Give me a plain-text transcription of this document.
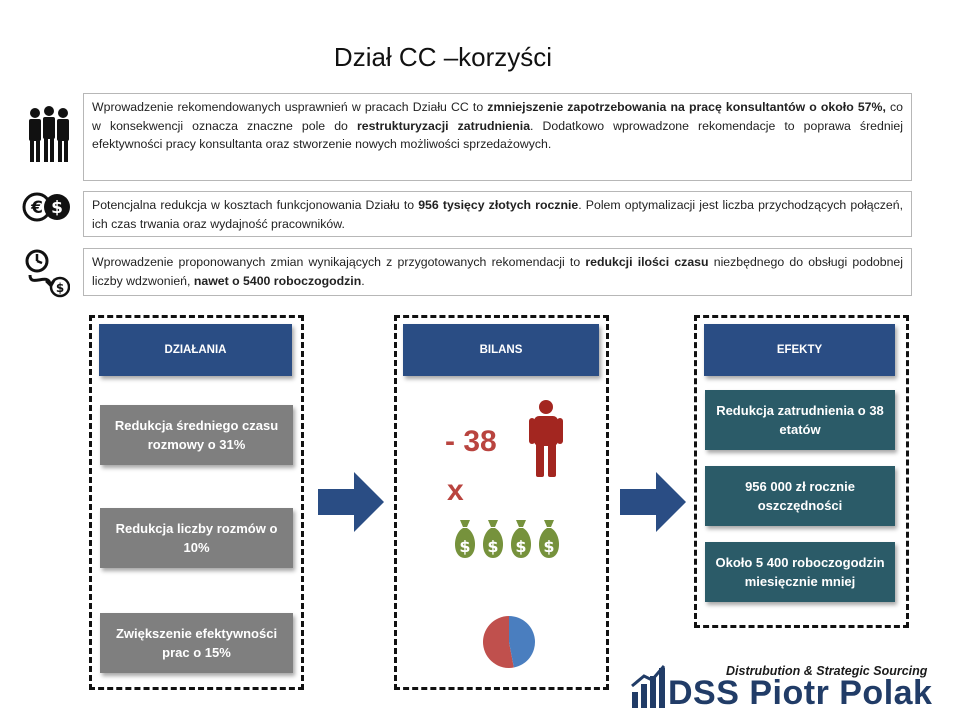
Dział CC –korzyści
Wprowadzenie rekomendowanych usprawnień w pracach Działu CC to zmniejszenie zapotrzebowania na pracę konsultantów o około 57%, co w konsekwencji oznacza znaczne pole do restrukturyzacji zatrudnienia. Dodatkowo wprowadzone rekomendacje to poprawa średniej efektywności pracy konsultanta oraz stworzenie nowych możliwości sprzedażowych.
€ $	Potencjalna redukcja w kosztach funkcjonowania Działu to 956 tysięcy złotych rocznie. Polem optymalizacji jest liczba przychodzących połączeń, ich czas trwania oraz wydajność pracowników.
$
Wprowadzenie proponowanych zmian wynikających z przygotowanych rekomendacji to redukcji ilości czasu niezbędnego do obsługi podobnej liczby wdzwonień, nawet o 5400 roboczogodzin.
DZIAŁANIA	BILANS	EFEKTY
Redukcja średniego czasu rozmowy o 31%
Redukcja liczby rozmów o 10%
Zwiększenie efektywności prac o 15%
- 38
x
Redukcja zatrudnienia o 38 etatów
956 000 zł rocznie oszczędności
Około 5 400 roboczogodzin miesięcznie mniej
Distrubution & Strategic Sourcing
DSS Piotr Polak
